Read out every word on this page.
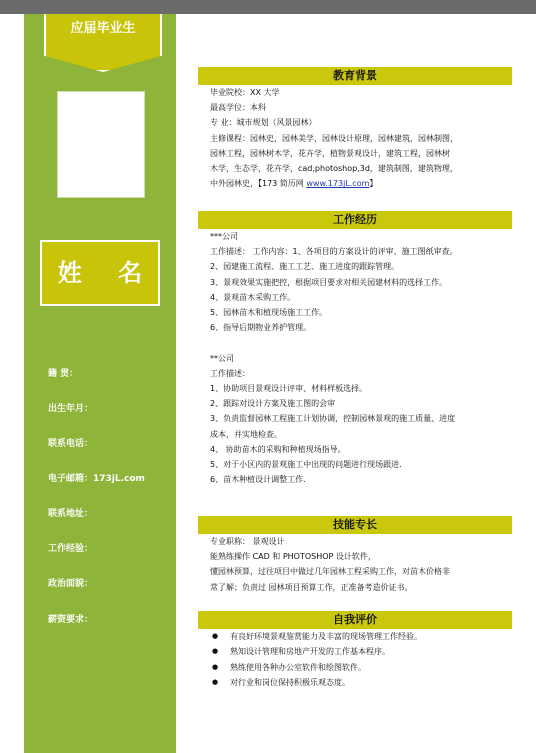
应届毕业生
姓 名
籍 贯：
出生年月：
联系电话：
电子邮箱：173jL.com
联系地址：
工作经验：
政治面貌：
薪资要求：
教育背景

毕业院校：XX 大学

最高学位：本科

专 业：城市规划（风景园林）

主修课程：园林史，园林美学，园林设计原理，园林建筑，园林制图，

园林工程，园林树木学，花卉学，植物景观设计，建筑工程，园林树

木学，生态学，花卉学，cad,photoshop,3d，建筑制图，建筑物理，

中外园林史，【173 简历网 www.173jL.com】

工作经历

***公司

工作描述： 工作内容：1、各项目的方案设计的评审、施工图纸审查。

2、园建施工流程、施工工艺、施工进度的跟踪管理。

3、景观效果实施把控，根据项目要求对相关园建材料的选择工作。

4、景观苗木采购工作。

5、园林苗木和植现场施工工作。

6、指导后期物业养护管理。

**公司

工作描述：

1、协助项目景观设计评审、材料样板选择。

2、跟踪对设计方案及施工图的会审

3、负责监督园林工程施工计划协调，控制园林景观的施工质量、进度

成本，并实地检查。

4、 协助苗木的采购和种植现场指导。

5、对于小区内的景观施工中出现的问题进行现场跟进．

6、苗木种植设计调整工作．

技能专长

专业职称： 景观设计

能熟练操作 CAD 和 PHOTOSHOP 设计软件，

懂园林预算，过往项目中做过几年园林工程采购工作，对苗木价格非

常了解；负责过 园林项目预算工作，正准备考造价证书。

自我评价
● 有良好环境景观鉴赏能力及丰富的现场管理工作经验。
● 熟知设计管理和房地产开发的工作基本程序。
● 熟练使用各种办公室软件和绘图软件。
● 对行业和岗位保持积极乐观态度。
